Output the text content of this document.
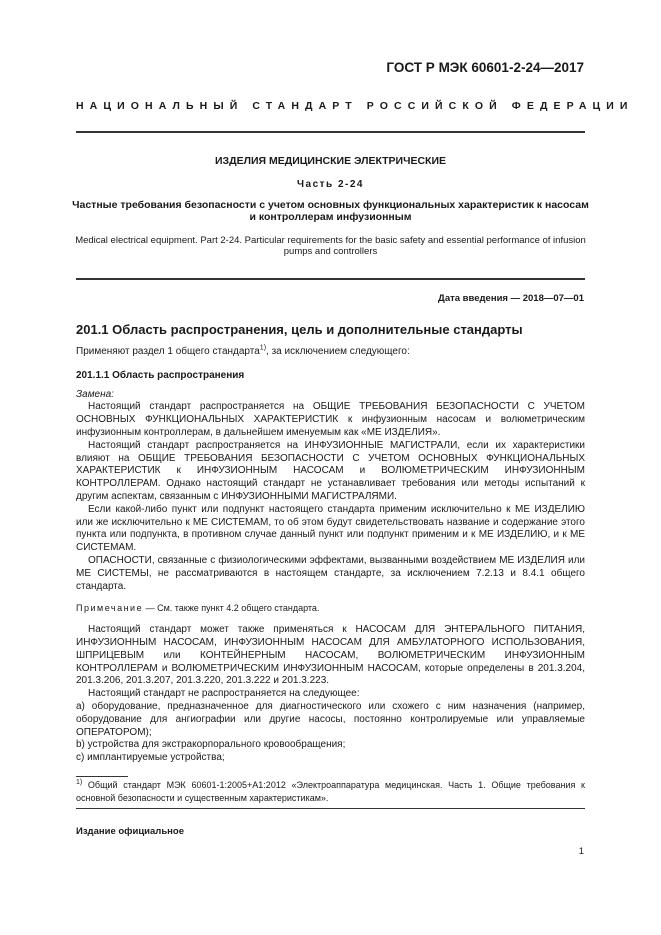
ГОСТ Р МЭК 60601-2-24—2017
НАЦИОНАЛЬНЫЙ СТАНДАРТ РОССИЙСКОЙ ФЕДЕРАЦИИ
ИЗДЕЛИЯ МЕДИЦИНСКИЕ ЭЛЕКТРИЧЕСКИЕ
Часть 2-24
Частные требования безопасности с учетом основных функциональных характеристик к насосам и контроллерам инфузионным
Medical electrical equipment. Part 2-24. Particular requirements for the basic safety and essential performance of infusion pumps and controllers
Дата введения — 2018—07—01
201.1 Область распространения, цель и дополнительные стандарты

Применяют раздел 1 общего стандарта$^{1)}$, за исключением следующего:

201.1.1 Область распространения

Замена:

Настоящий стандарт распространяется на ОБЩИЕ ТРЕБОВАНИЯ БЕЗОПАСНОСТИ С УЧЕТОМ ОСНОВНЫХ ФУНКЦИОНАЛЬНЫХ ХАРАКТЕРИСТИК к инфузионным насосам и волюметрическим инфузионным контроллерам, в дальнейшем именуемым как «МЕ ИЗДЕЛИЯ».

Настоящий стандарт распространяется на ИНФУЗИОННЫЕ МАГИСТРАЛИ, если их характеристики влияют на ОБЩИЕ ТРЕБОВАНИЯ БЕЗОПАСНОСТИ С УЧЕТОМ ОСНОВНЫХ ФУНКЦИОНАЛЬНЫХ ХАРАКТЕРИСТИК к ИНФУЗИОННЫМ НАСОСАМ и ВОЛЮМЕТРИЧЕСКИМ ИНФУЗИОННЫМ КОНТРОЛЛЕРАМ. Однако настоящий стандарт не устанавливает требования или методы испытаний к другим аспектам, связанным с ИНФУЗИОННЫМИ МАГИСТРАЛЯМИ.

Если какой-либо пункт или подпункт настоящего стандарта применим исключительно к МЕ ИЗДЕЛИЮ или же исключительно к МЕ СИСТЕМАМ, то об этом будут свидетельствовать название и содержание этого пункта или подпункта, в противном случае данный пункт или подпункт применим и к МЕ ИЗДЕЛИЮ, и к МЕ СИСТЕМАМ.

ОПАСНОСТИ, связанные с физиологическими эффектами, вызванными воздействием МЕ ИЗДЕЛИЯ или МЕ СИСТЕМЫ, не рассматриваются в настоящем стандарте, за исключением 7.2.13 и 8.4.1 общего стандарта.

Примечание — См. также пункт 4.2 общего стандарта.

Настоящий стандарт может также применяться к НАСОСАМ ДЛЯ ЭНТЕРАЛЬНОГО ПИТАНИЯ, ИНФУЗИОННЫМ НАСОСАМ, ИНФУЗИОННЫМ НАСОСАМ ДЛЯ АМБУЛАТОРНОГО ИСПОЛЬЗОВАНИЯ, ШПРИЦЕВЫМ или КОНТЕЙНЕРНЫМ НАСОСАМ, ВОЛЮМЕТРИЧЕСКИМ ИНФУЗИОННЫМ КОНТРОЛЛЕРАМ и ВОЛЮМЕТРИЧЕСКИМ ИНФУЗИОННЫМ НАСОСАМ, которые определены в 201.3.204, 201.3.206, 201.3.207, 201.3.220, 201.3.222 и 201.3.223.

Настоящий стандарт не распространяется на следующее:

a) оборудование, предназначенное для диагностического или схожего с ним назначения (например, оборудование для ангиографии или другие насосы, постоянно контролируемые или управляемые ОПЕРАТОРОМ);

b) устройства для экстракорпорального кровообращения;

c) имплантируемые устройства;

$^{1)}$ Общий стандарт МЭК 60601-1:2005+А1:2012 «Электроаппаратура медицинская. Часть 1. Общие требования к основной безопасности и существенным характеристикам».
Издание официальное
1
